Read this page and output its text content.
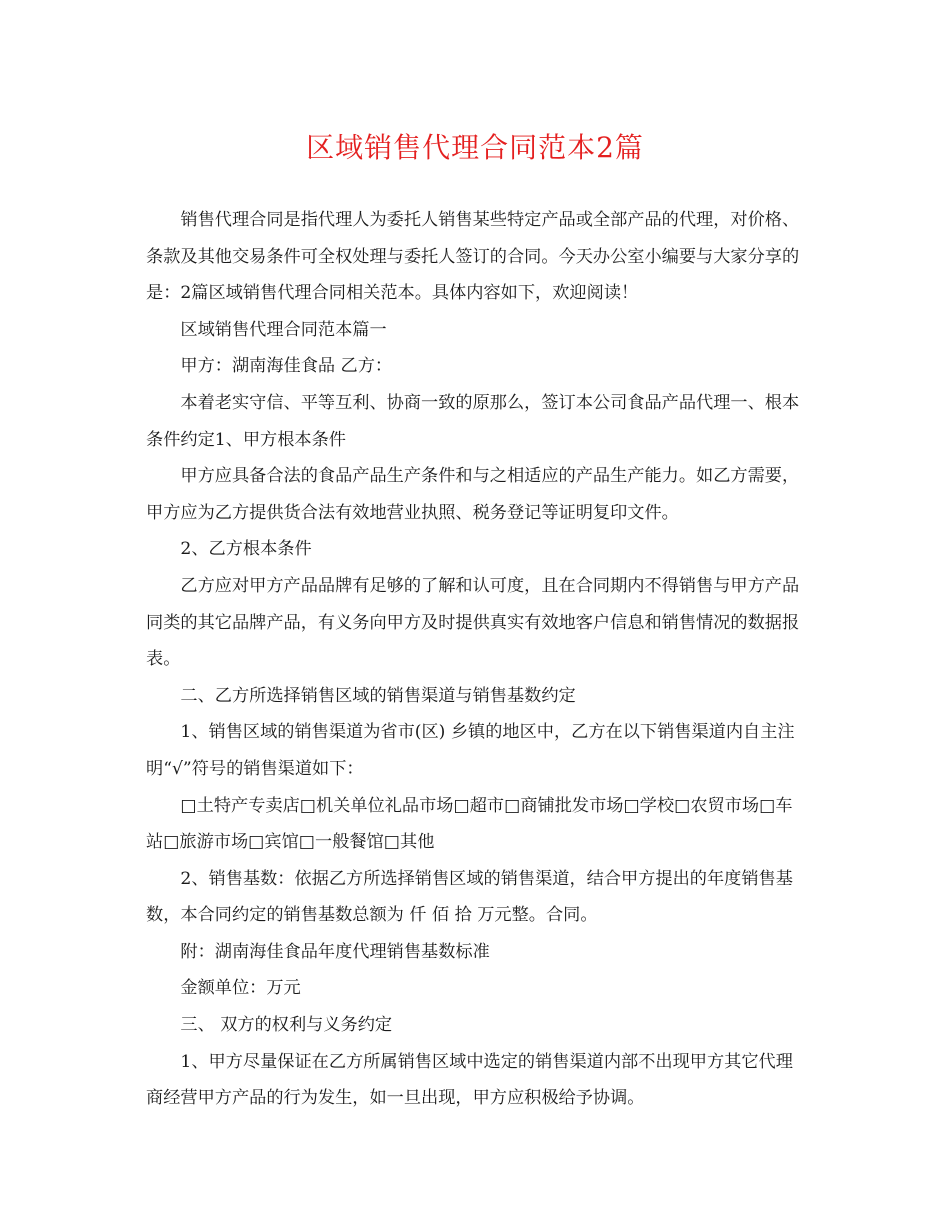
区域销售代理合同范本2篇

销售代理合同是指代理人为委托人销售某些特定产品或全部产品的代理，对价格、条款及其他交易条件可全权处理与委托人签订的合同。今天办公室小编要与大家分享的是：2篇区域销售代理合同相关范本。具体内容如下，欢迎阅读！

区域销售代理合同范本篇一

甲方：湖南海佳食品 乙方：

本着老实守信、平等互利、协商一致的原那么，签订本公司食品产品代理一、根本条件约定1、甲方根本条件

甲方应具备合法的食品产品生产条件和与之相适应的产品生产能力。如乙方需要，甲方应为乙方提供货合法有效地营业执照、税务登记等证明复印文件。

2、乙方根本条件

乙方应对甲方产品品牌有足够的了解和认可度，且在合同期内不得销售与甲方产品同类的其它品牌产品，有义务向甲方及时提供真实有效地客户信息和销售情况的数据报表。

二、乙方所选择销售区域的销售渠道与销售基数约定

1、销售区域的销售渠道为省市(区) 乡镇的地区中，乙方在以下销售渠道内自主注明“√”符号的销售渠道如下：

□土特产专卖店□机关单位礼品市场□超市□商铺批发市场□学校□农贸市场□车站□旅游市场□宾馆□一般餐馆□其他

2、销售基数：依据乙方所选择销售区域的销售渠道，结合甲方提出的年度销售基数，本合同约定的销售基数总额为 仟 佰 拾 万元整。合同。

附：湖南海佳食品年度代理销售基数标准

金额单位：万元

三、 双方的权利与义务约定

1、甲方尽量保证在乙方所属销售区域中选定的销售渠道内部不出现甲方其它代理商经营甲方产品的行为发生，如一旦出现，甲方应积极给予协调。
